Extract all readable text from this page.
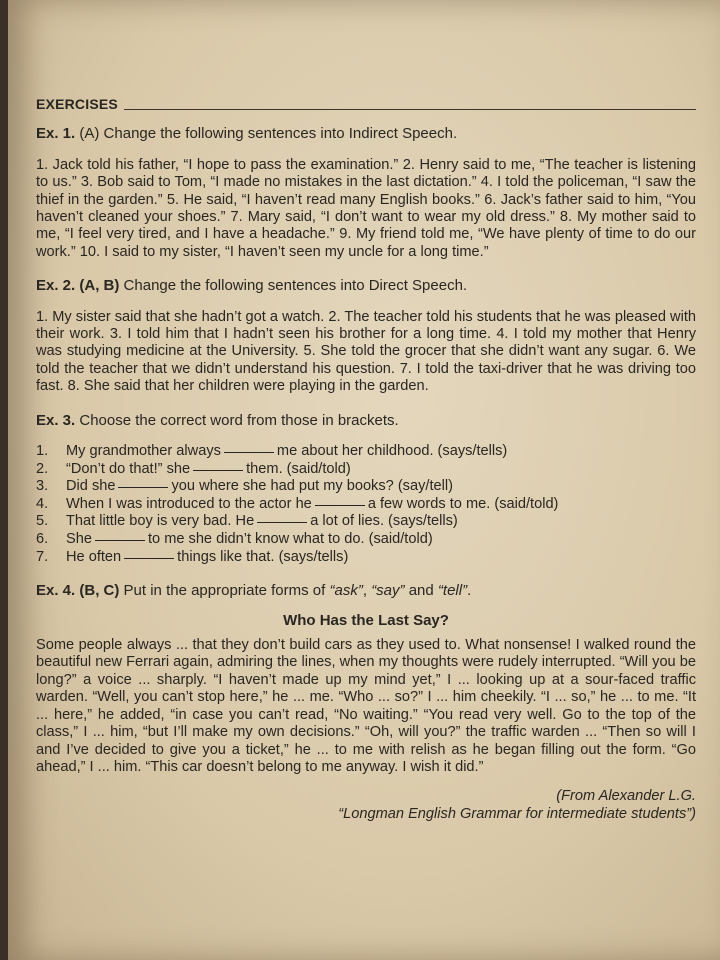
EXERCISES

Ex. 1. (A) Change the following sentences into Indirect Speech.

1. Jack told his father, “I hope to pass the examination.” 2. Henry said to me, “The teacher is listening to us.” 3. Bob said to Tom, “I made no mistakes in the last dictation.” 4. I told the policeman, “I saw the thief in the garden.” 5. He said, “I haven’t read many English books.” 6. Jack’s father said to him, “You haven’t cleaned your shoes.” 7. Mary said, “I don’t want to wear my old dress.” 8. My mother said to me, “I feel very tired, and I have a headache.” 9. My friend told me, “We have plenty of time to do our work.” 10. I said to my sister, “I haven’t seen my uncle for a long time.”

Ex. 2. (A, B) Change the following sentences into Direct Speech.

1. My sister said that she hadn’t got a watch. 2. The teacher told his students that he was pleased with their work. 3. I told him that I hadn’t seen his brother for a long time. 4. I told my mother that Henry was studying medicine at the University. 5. She told the grocer that she didn’t want any sugar. 6. We told the teacher that we didn’t understand his question. 7. I told the taxi-driver that he was driving too fast. 8. She said that her children were playing in the garden.

Ex. 3. Choose the correct word from those in brackets.

1.	My grandmother always	me about her childhood. (says/tells)
2.	“Don’t do that!” she	them. (said/told)
3.	Did she	you where she had put my books? (say/tell)
4.	When I was introduced to the actor he	a few words to me. (said/told)
5.	That little boy is very bad. He	a lot of lies. (says/tells)
6.	She	to me she didn’t know what to do. (said/told)
7.	He often	things like that. (says/tells)

Ex. 4. (B, C) Put in the appropriate forms of “ask”, “say” and “tell”.

Who Has the Last Say?

Some people always ... that they don’t build cars as they used to. What nonsense! I walked round the beautiful new Ferrari again, admiring the lines, when my thoughts were rudely interrupted. “Will you be long?” a voice ... sharply. “I haven’t made up my mind yet,” I ... looking up at a sour-faced traffic warden. “Well, you can’t stop here,” he ... me. “Who ... so?” I ... him cheekily. “I ... so,” he ... to me. “It ... here,” he added, “in case you can’t read, “No waiting.” “You read very well. Go to the top of the class,” I ... him, “but I’ll make my own decisions.” “Oh, will you?” the traffic warden ... “Then so will I and I’ve decided to give you a ticket,” he ... to me with relish as he began filling out the form. “Go ahead,” I ... him. “This car doesn’t belong to me anyway. I wish it did.”

(From Alexander L.G.

“Longman English Grammar for intermediate students”)
